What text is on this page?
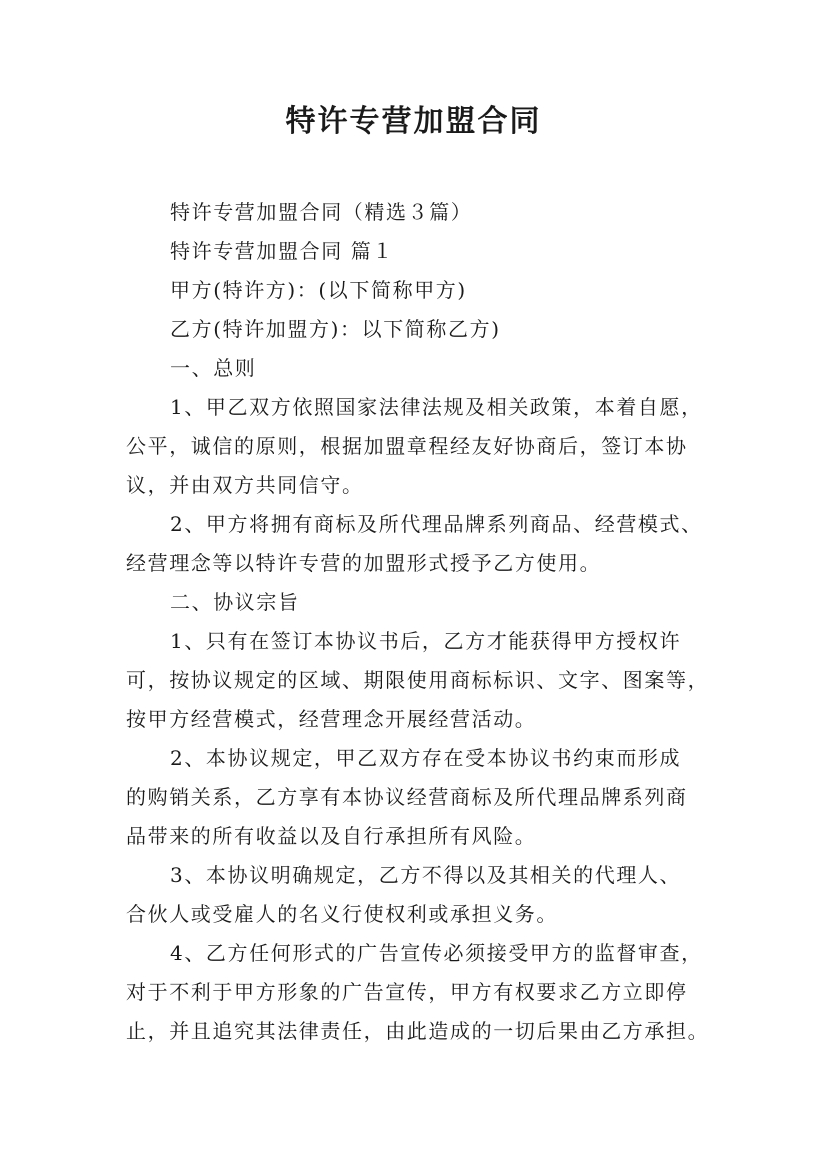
特许专营加盟合同

特许专营加盟合同（精选３篇）

特许专营加盟合同 篇１

甲方(特许方)：(以下简称甲方)

乙方(特许加盟方)：以下简称乙方)

一、总则

1、甲乙双方依照国家法律法规及相关政策，本着自愿，
公平，诚信的原则，根据加盟章程经友好协商后，签订本协
议，并由双方共同信守。

2、甲方将拥有商标及所代理品牌系列商品、经营模式、
经营理念等以特许专营的加盟形式授予乙方使用。

二、协议宗旨

1、只有在签订本协议书后，乙方才能获得甲方授权许
可，按协议规定的区域、期限使用商标标识、文字、图案等，
按甲方经营模式，经营理念开展经营活动。

2、本协议规定，甲乙双方存在受本协议书约束而形成
的购销关系，乙方享有本协议经营商标及所代理品牌系列商
品带来的所有收益以及自行承担所有风险。

3、本协议明确规定，乙方不得以及其相关的代理人、
合伙人或受雇人的名义行使权利或承担义务。

4、乙方任何形式的广告宣传必须接受甲方的监督审查，
对于不利于甲方形象的广告宣传，甲方有权要求乙方立即停
止，并且追究其法律责任，由此造成的一切后果由乙方承担。
